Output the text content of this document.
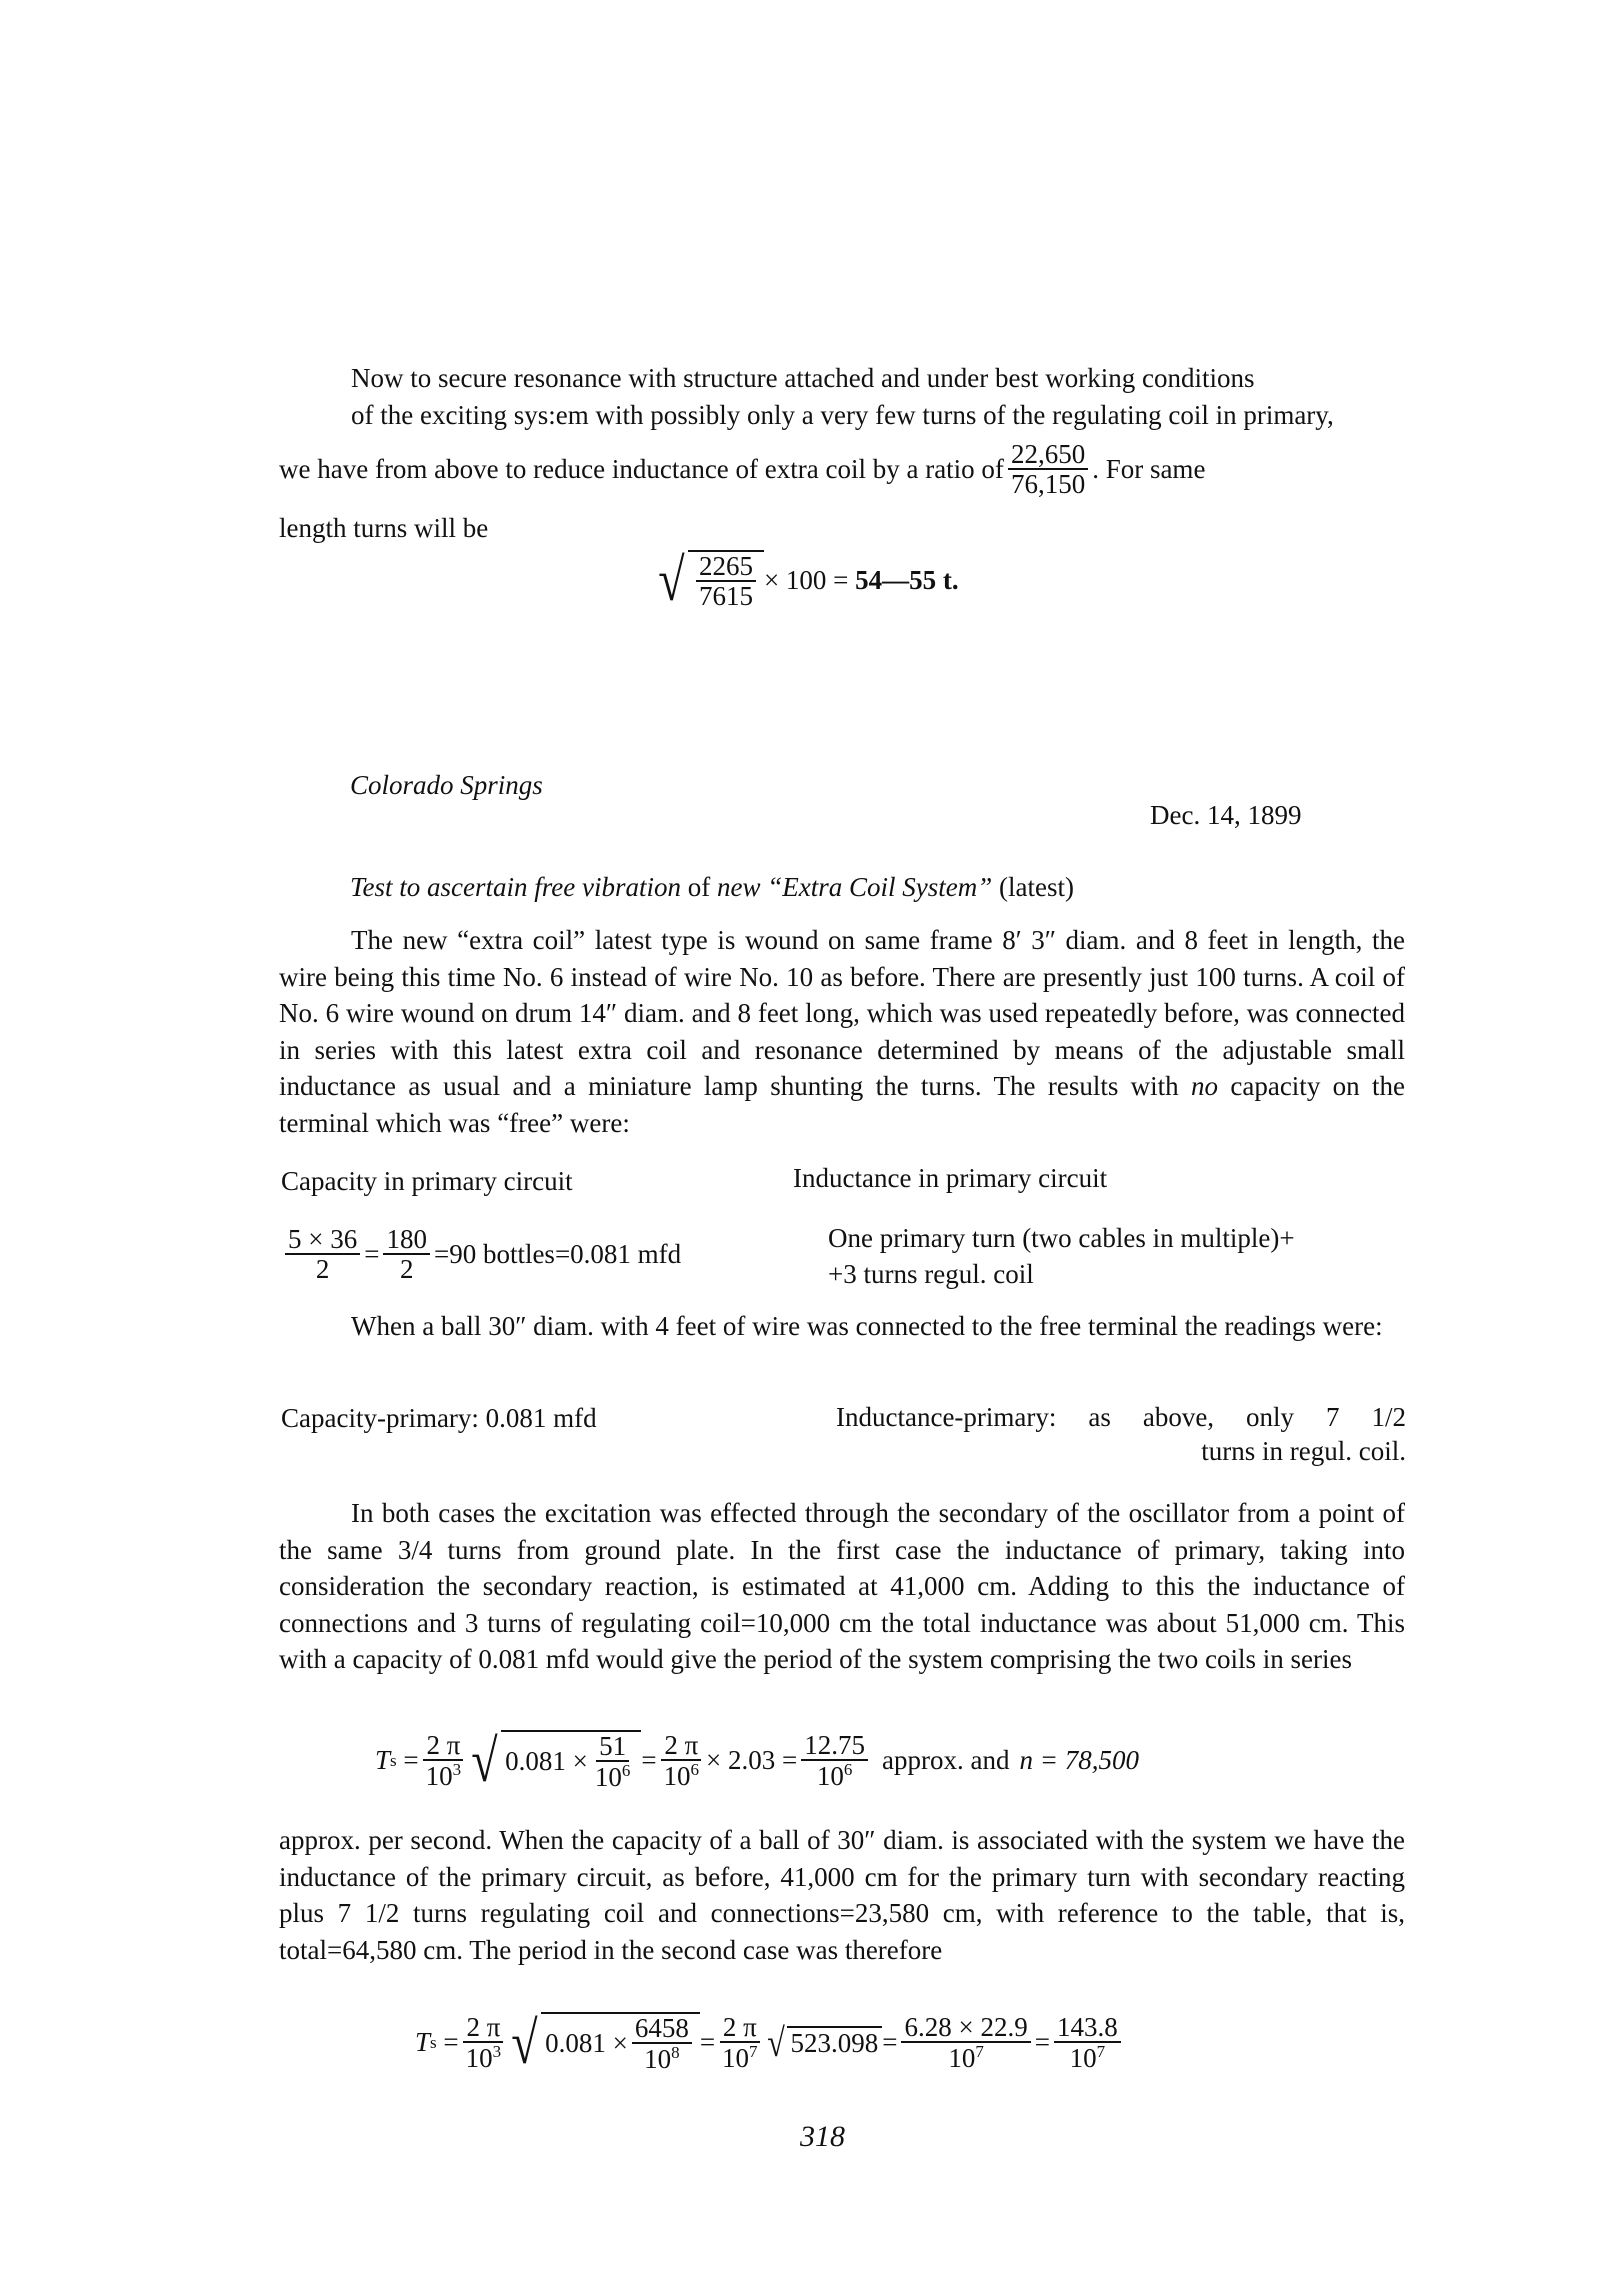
Now to secure resonance with structure attached and under best working conditions
of the exciting sys:em with possibly only a very few turns of the regulating coil in primary,
we have from above to reduce inductance of extra coil by a ratio of $\frac{22,650}{76,150}$ . For same
length turns will be
√ $\frac{2265}{7615} \times 100$ = 54—55 t.
Colorado Springs
Dec. 14, 1899
Test to ascertain free vibration of new “Extra Coil System” (latest)
The new “extra coil” latest type is wound on same frame 8′ 3″ diam. and 8 feet in length, the wire being this time No. 6 instead of wire No. 10 as before. There are presently just 100 turns. A coil of No. 6 wire wound on drum 14″ diam. and 8 feet long, which was used repeatedly before, was connected in series with this latest extra coil and resonance determined by means of the adjustable small inductance as usual and a miniature lamp shunting the turns. The results with no capacity on the terminal which was “free” were:
Capacity in primary circuit	Inductance in primary circuit
$\frac{5 \times 36}{2} = \frac{180}{2} =90$ bottles=0.081 mfd
One primary turn (two cables in multiple)+
+3 turns regul. coil
When a ball 30″ diam. with 4 feet of wire was connected to the free terminal the readings were:
Capacity-primary: 0.081 mfd	Inductance-primary: as above, only 7 1/2
turns in regul. coil.
In both cases the excitation was effected through the secondary of the oscillator from a point of the same 3/4 turns from ground plate. In the first case the inductance of primary, taking into consideration the secondary reaction, is estimated at 41,000 cm. Adding to this the inductance of connections and 3 turns of regulating coil=10,000 cm the total inductance was about 51,000 cm. This with a capacity of 0.081 mfd would give the period of the system comprising the two coils in series
T $s = \frac{2 \pi}{10^3}$ √ $0.081 \times \frac{51}{10^6} = \frac{2 \pi}{10^6} \times 2.03 = \frac{12.75}{10^6}$ approx. and n = 78,500
approx. per second. When the capacity of a ball of 30″ diam. is associated with the system we have the inductance of the primary circuit, as before, 41,000 cm for the primary turn with secondary reacting plus 7 1/2 turns regulating coil and connections=23,580 cm, with reference to the table, that is, total=64,580 cm. The period in the second case was therefore
T $s = \frac{2 \pi}{10^3}$ √ $0.081 \times \frac{6458}{10^8} = \frac{2 \pi}{10^7}$ √ $523.098 = \frac{6.28 \times 22.9}{10^7} = \frac{143.8}{10^7}$
318
